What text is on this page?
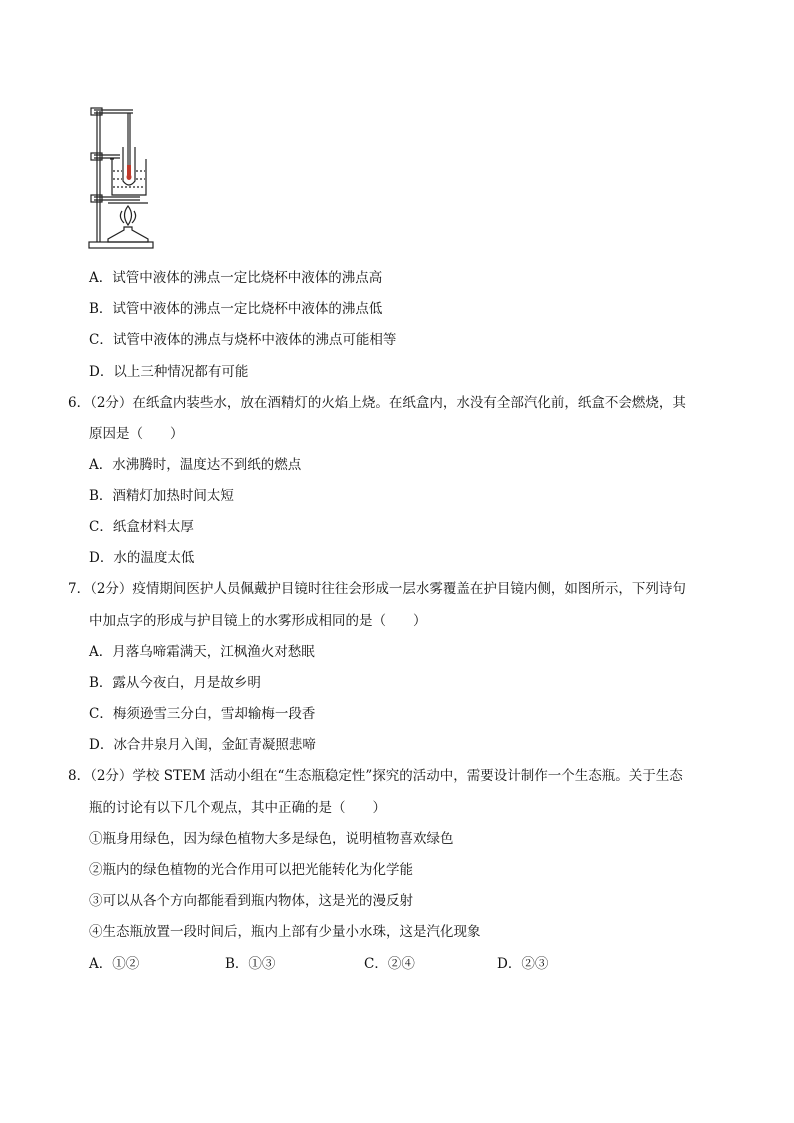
A．试管中液体的沸点一定比烧杯中液体的沸点高
B．试管中液体的沸点一定比烧杯中液体的沸点低
C．试管中液体的沸点与烧杯中液体的沸点可能相等
D．以上三种情况都有可能
6．（2分）在纸盒内装些水，放在酒精灯的火焰上烧。在纸盒内，水没有全部汽化前，纸盒不会燃烧，其
原因是（　　）
A．水沸腾时，温度达不到纸的燃点
B．酒精灯加热时间太短
C．纸盒材料太厚
D．水的温度太低
7．（2分）疫情期间医护人员佩戴护目镜时往往会形成一层水雾覆盖在护目镜内侧，如图所示，下列诗句
中加点字的形成与护目镜上的水雾形成相同的是（　　）
A．月落乌啼霜满天，江枫渔火对愁眠
B．露从今夜白，月是故乡明
C．梅须逊雪三分白，雪却输梅一段香
D．冰合井泉月入闺，金缸青凝照悲啼
8．（2分）学校 STEM 活动小组在“生态瓶稳定性”探究的活动中，需要设计制作一个生态瓶。关于生态
瓶的讨论有以下几个观点，其中正确的是（　　）
①瓶身用绿色，因为绿色植物大多是绿色，说明植物喜欢绿色
②瓶内的绿色植物的光合作用可以把光能转化为化学能
③可以从各个方向都能看到瓶内物体，这是光的漫反射
④生态瓶放置一段时间后，瓶内上部有少量小水珠，这是汽化现象
A．①②	B．①③	C．②④	D．②③
